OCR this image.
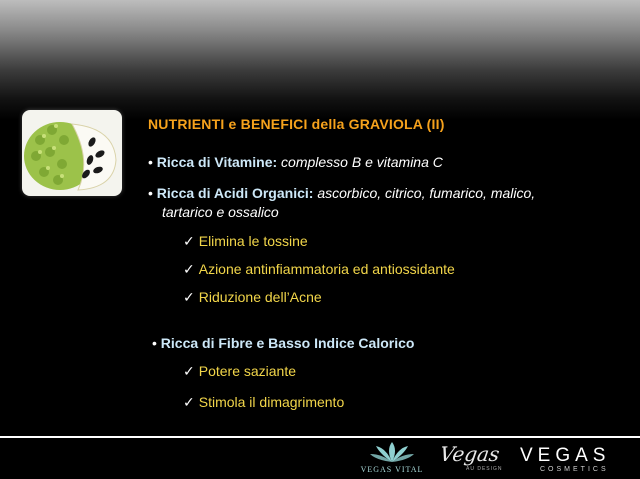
NUTRIENTI e BENEFICI della GRAVIOLA (II)
• Ricca di Vitamine: complesso B e vitamina C
• Ricca di Acidi Organici: ascorbico, citrico, fumarico, malico,
tartarico e ossalico
✓ Elimina le tossine
✓ Azione antinfiammatoria ed antiossidante
✓ Riduzione dell’Acne
• Ricca di Fibre e Basso Indice Calorico
✓ Potere saziante
✓ Stimola il dimagrimento
VEGAS VITAL
Vegas
AU DESIGN
VEGAS
COSMETICS
